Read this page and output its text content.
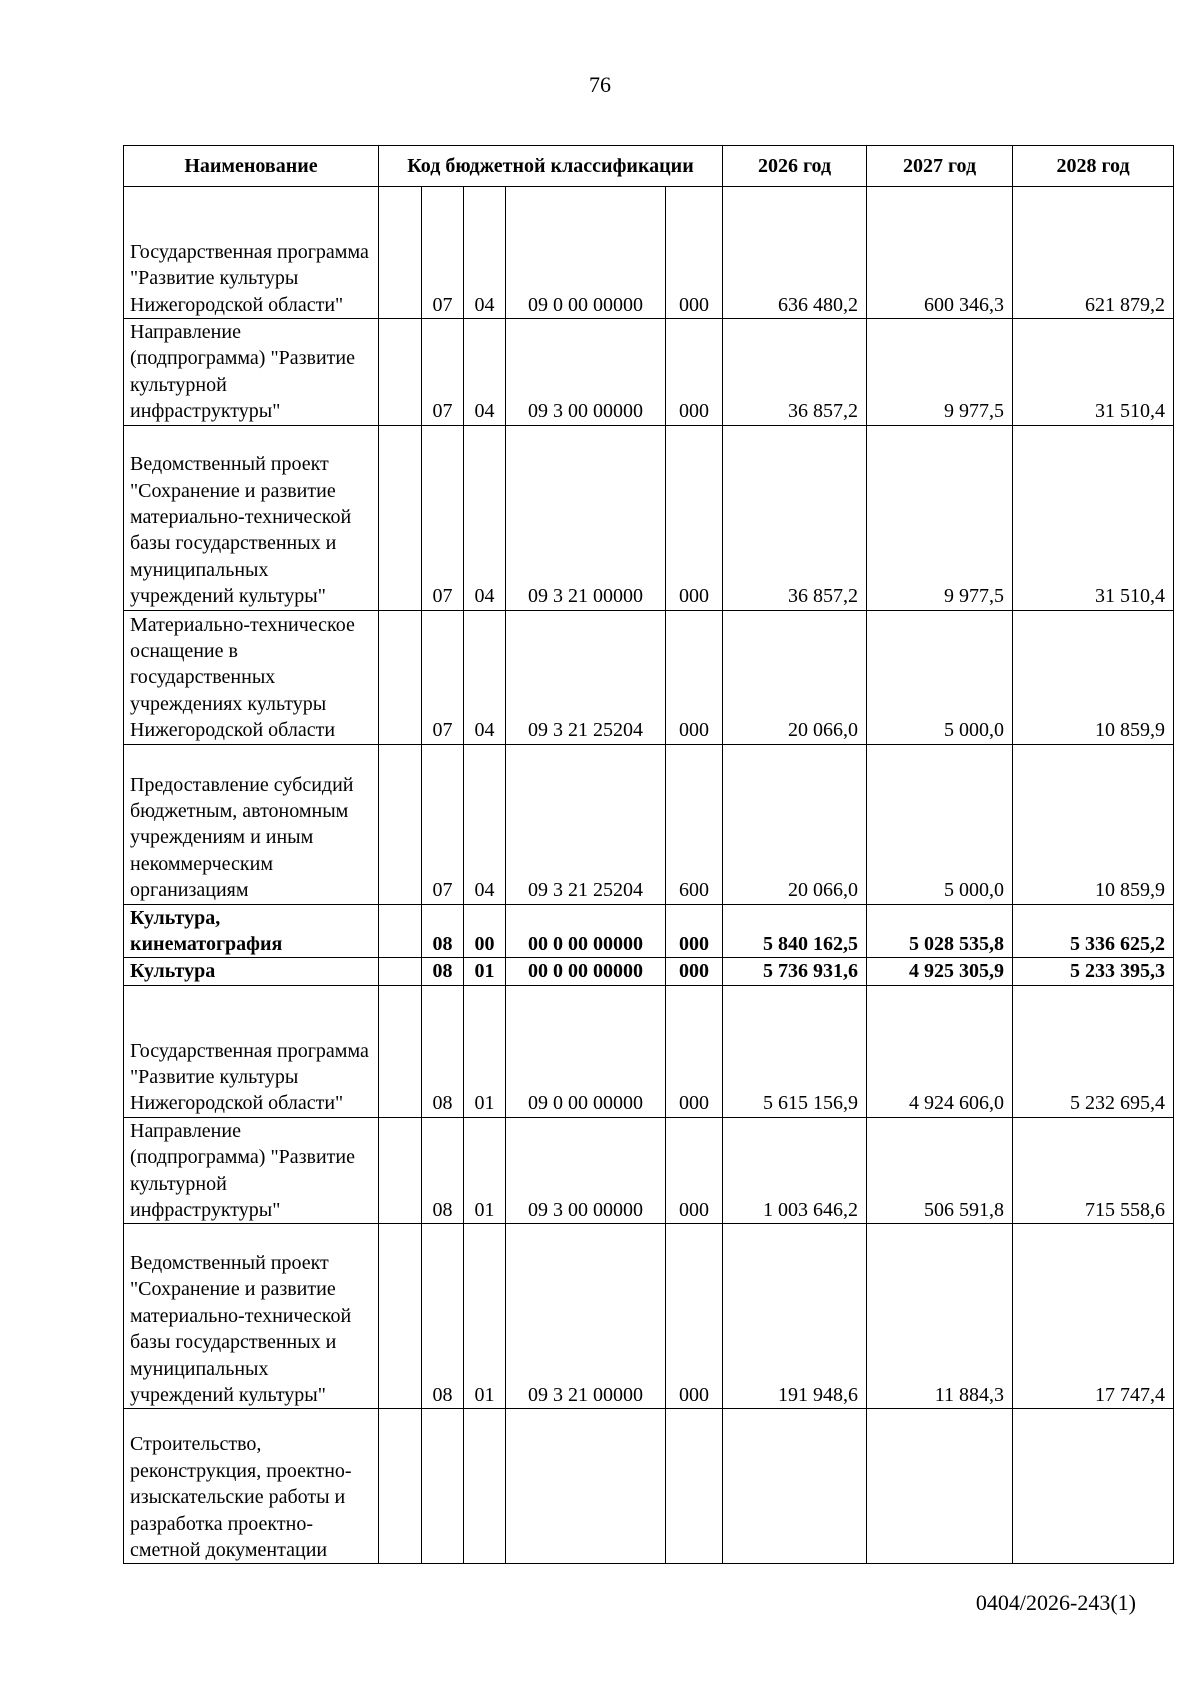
76
Наименование	Код бюджетной классификации					2026 год	2027 год	2028 год
Государственная программа "Развитие культуры Нижегородской области"		07	04	09 0 00 00000	000	636 480,2	600 346,3	621 879,2
Направление (подпрограмма) "Развитие культурной инфраструктуры"		07	04	09 3 00 00000	000	36 857,2	9 977,5	31 510,4
Ведомственный проект "Сохранение и развитие материально-технической базы государственных и муниципальных учреждений культуры"		07	04	09 3 21 00000	000	36 857,2	9 977,5	31 510,4
Материально-техническое оснащение в государственных учреждениях культуры Нижегородской области		07	04	09 3 21 25204	000	20 066,0	5 000,0	10 859,9
Предоставление субсидий бюджетным, автономным учреждениям и иным некоммерческим организациям		07	04	09 3 21 25204	600	20 066,0	5 000,0	10 859,9
Культура, кинематография		08	00	00 0 00 00000	000	5 840 162,5	5 028 535,8	5 336 625,2
Культура		08	01	00 0 00 00000	000	5 736 931,6	4 925 305,9	5 233 395,3
Государственная программа "Развитие культуры Нижегородской области"		08	01	09 0 00 00000	000	5 615 156,9	4 924 606,0	5 232 695,4
Направление (подпрограмма) "Развитие культурной инфраструктуры"		08	01	09 3 00 00000	000	1 003 646,2	506 591,8	715 558,6
Ведомственный проект "Сохранение и развитие материально-технической базы государственных и муниципальных учреждений культуры"		08	01	09 3 21 00000	000	191 948,6	11 884,3	17 747,4
Строительство, реконструкция, проектно-изыскательские работы и разработка проектно-сметной документации								
0404/2026-243(1)
